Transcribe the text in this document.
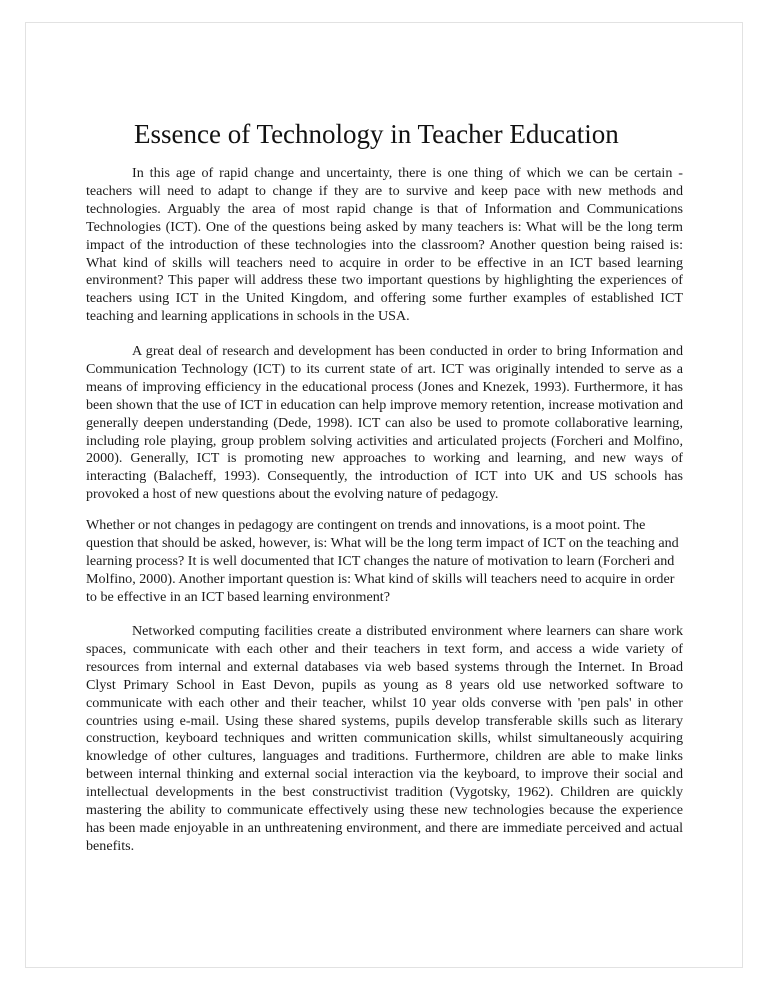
Essence of Technology in Teacher Education

In this age of rapid change and uncertainty, there is one thing of which we can be certain - teachers will need to adapt to change if they are to survive and keep pace with new methods and technologies. Arguably the area of most rapid change is that of Information and Communications Technologies (ICT). One of the questions being asked by many teachers is: What will be the long term impact of the introduction of these technologies into the classroom? Another question being raised is: What kind of skills will teachers need to acquire in order to be effective in an ICT based learning environment? This paper will address these two important questions by highlighting the experiences of teachers using ICT in the United Kingdom, and offering some further examples of established ICT teaching and learning applications in schools in the USA.

A great deal of research and development has been conducted in order to bring Information and Communication Technology (ICT) to its current state of art. ICT was originally intended to serve as a means of improving efficiency in the educational process (Jones and Knezek, 1993). Furthermore, it has been shown that the use of ICT in education can help improve memory retention, increase motivation and generally deepen understanding (Dede, 1998). ICT can also be used to promote collaborative learning, including role playing, group problem solving activities and articulated projects (Forcheri and Molfino, 2000). Generally, ICT is promoting new approaches to working and learning, and new ways of interacting (Balacheff, 1993). Consequently, the introduction of ICT into UK and US schools has provoked a host of new questions about the evolving nature of pedagogy.

Whether or not changes in pedagogy are contingent on trends and innovations, is a moot point. The question that should be asked, however, is: What will be the long term impact of ICT on the teaching and learning process? It is well documented that ICT changes the nature of motivation to learn (Forcheri and Molfino, 2000). Another important question is: What kind of skills will teachers need to acquire in order to be effective in an ICT based learning environment?

Networked computing facilities create a distributed environment where learners can share work spaces, communicate with each other and their teachers in text form, and access a wide variety of resources from internal and external databases via web based systems through the Internet. In Broad Clyst Primary School in East Devon, pupils as young as 8 years old use networked software to communicate with each other and their teacher, whilst 10 year olds converse with 'pen pals' in other countries using e-mail. Using these shared systems, pupils develop transferable skills such as literary construction, keyboard techniques and written communication skills, whilst simultaneously acquiring knowledge of other cultures, languages and traditions. Furthermore, children are able to make links between internal thinking and external social interaction via the keyboard, to improve their social and intellectual developments in the best constructivist tradition (Vygotsky, 1962). Children are quickly mastering the ability to communicate effectively using these new technologies because the experience has been made enjoyable in an unthreatening environment, and there are immediate perceived and actual benefits.
